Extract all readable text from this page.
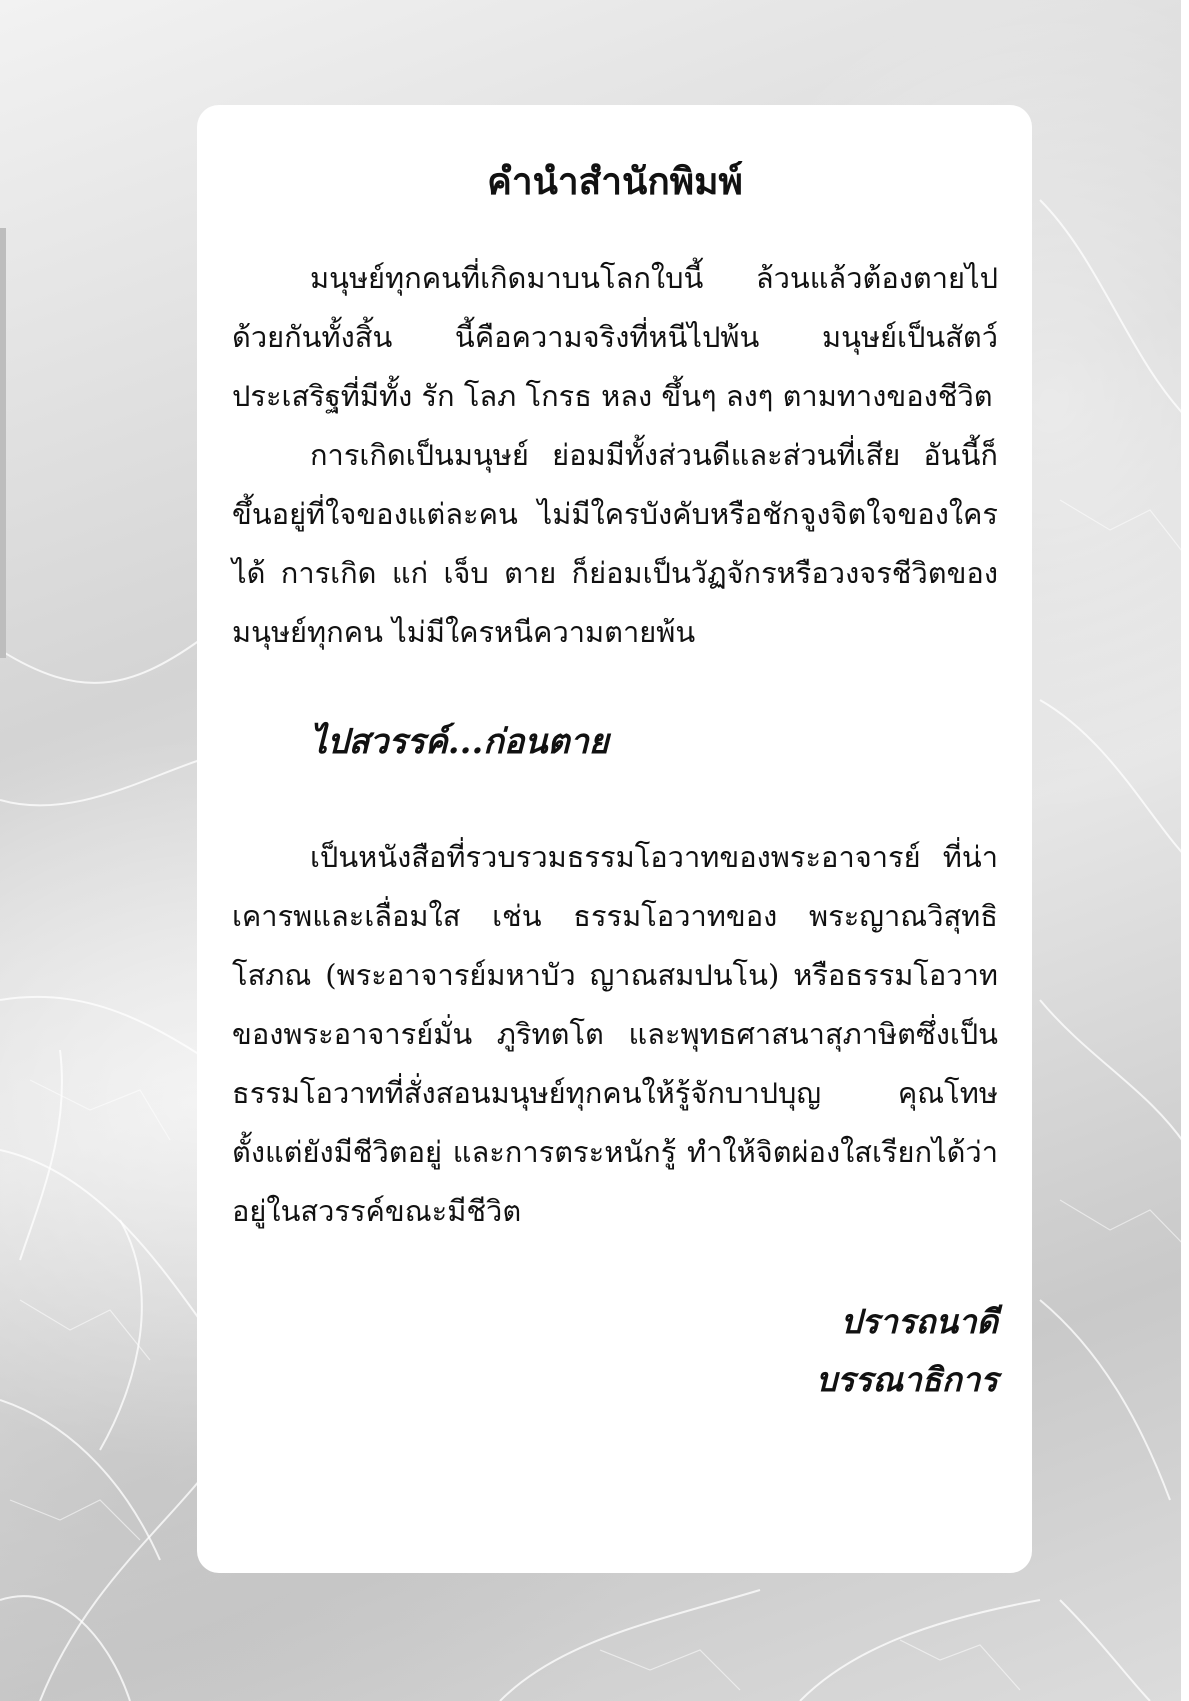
คำนำสำนักพิมพ์

มนุษย์ทุกคนที่เกิดมาบนโลกใบนี้ ล้วนแล้วต้องตายไปด้วยกันทั้งสิ้น นี้คือความจริงที่หนีไปพ้น มนุษย์เป็นสัตว์ประเสริฐที่มีทั้ง รัก โลภ โกรธ หลง ขึ้นๆ ลงๆ ตามทางของชีวิต

การเกิดเป็นมนุษย์ ย่อมมีทั้งส่วนดีและส่วนที่เสีย อันนี้ก็ขึ้นอยู่ที่ใจของแต่ละคน ไม่มีใครบังคับหรือชักจูงจิตใจของใครได้ การเกิด แก่ เจ็บ ตาย ก็ย่อมเป็นวัฏจักรหรือวงจรชีวิตของมนุษย์ทุกคน ไม่มีใครหนีความตายพ้น

ไปสวรรค์...ก่อนตาย

เป็นหนังสือที่รวบรวมธรรมโอวาทของพระอาจารย์ ที่น่าเคารพและเลื่อมใส เช่น ธรรมโอวาทของ พระญาณวิสุทธิโสภณ (พระอาจารย์มหาบัว ญาณสมปนโน) หรือธรรมโอวาทของพระอาจารย์มั่น ภูริทตโต และพุทธศาสนาสุภาษิตซึ่งเป็นธรรมโอวาทที่สั่งสอนมนุษย์ทุกคนให้รู้จักบาปบุญ คุณโทษตั้งแต่ยังมีชีวิตอยู่ และการตระหนักรู้ ทำให้จิตผ่องใสเรียกได้ว่าอยู่ในสวรรค์ขณะมีชีวิต

ปรารถนาดี
บรรณาธิการ
